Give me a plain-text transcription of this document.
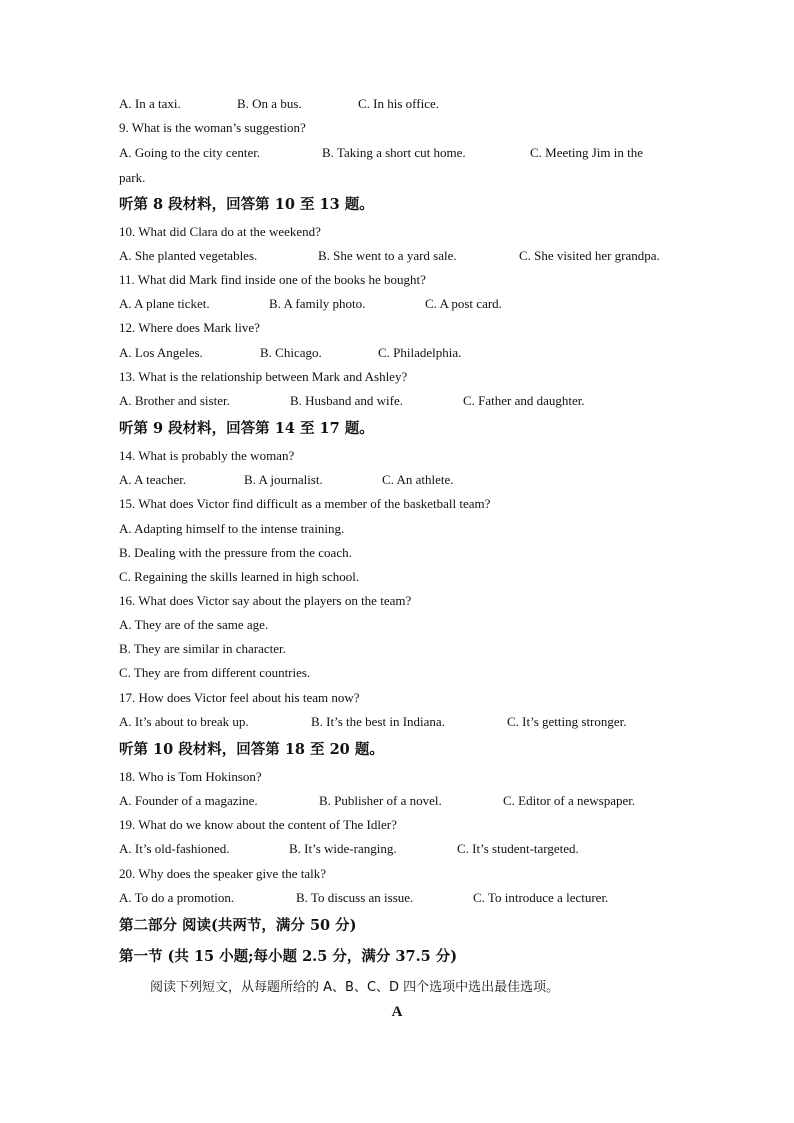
A. In a taxi.	B. On a bus.	C. In his office.
9. What is the woman’s suggestion?
A. Going to the city center.	B. Taking a short cut home.	C. Meeting Jim in the
park.
听第 8 段材料，回答第 10 至 13 题。
10. What did Clara do at the weekend?
A. She planted vegetables.	B. She went to a yard sale.	C. She visited her grandpa.
11. What did Mark find inside one of the books he bought?
A. A plane ticket.	B. A family photo.	C. A post card.
12. Where does Mark live?
A. Los Angeles.	B. Chicago.	C. Philadelphia.
13. What is the relationship between Mark and Ashley?
A. Brother and sister.	B. Husband and wife.	C. Father and daughter.
听第 9 段材料，回答第 14 至 17 题。
14. What is probably the woman?
A. A teacher.	B. A journalist.	C. An athlete.
15. What does Victor find difficult as a member of the basketball team?
A. Adapting himself to the intense training.
B. Dealing with the pressure from the coach.
C. Regaining the skills learned in high school.
16. What does Victor say about the players on the team?
A. They are of the same age.
B. They are similar in character.
C. They are from different countries.
17. How does Victor feel about his team now?
A. It’s about to break up.	B. It’s the best in Indiana.	C. It’s getting stronger.
听第 10 段材料，回答第 18 至 20 题。
18. Who is Tom Hokinson?
A. Founder of a magazine.	B. Publisher of a novel.	C. Editor of a newspaper.
19. What do we know about the content of The Idler?
A. It’s old-fashioned.	B. It’s wide-ranging.	C. It’s student-targeted.
20. Why does the speaker give the talk?
A. To do a promotion.	B. To discuss an issue.	C. To introduce a lecturer.
第二部分 阅读(共两节，满分 50 分)
第一节 (共 15 小题;每小题 2.5 分，满分 37.5 分)
阅读下列短文，从每题所给的 A、B、C、D 四个选项中选出最佳选项。
A
